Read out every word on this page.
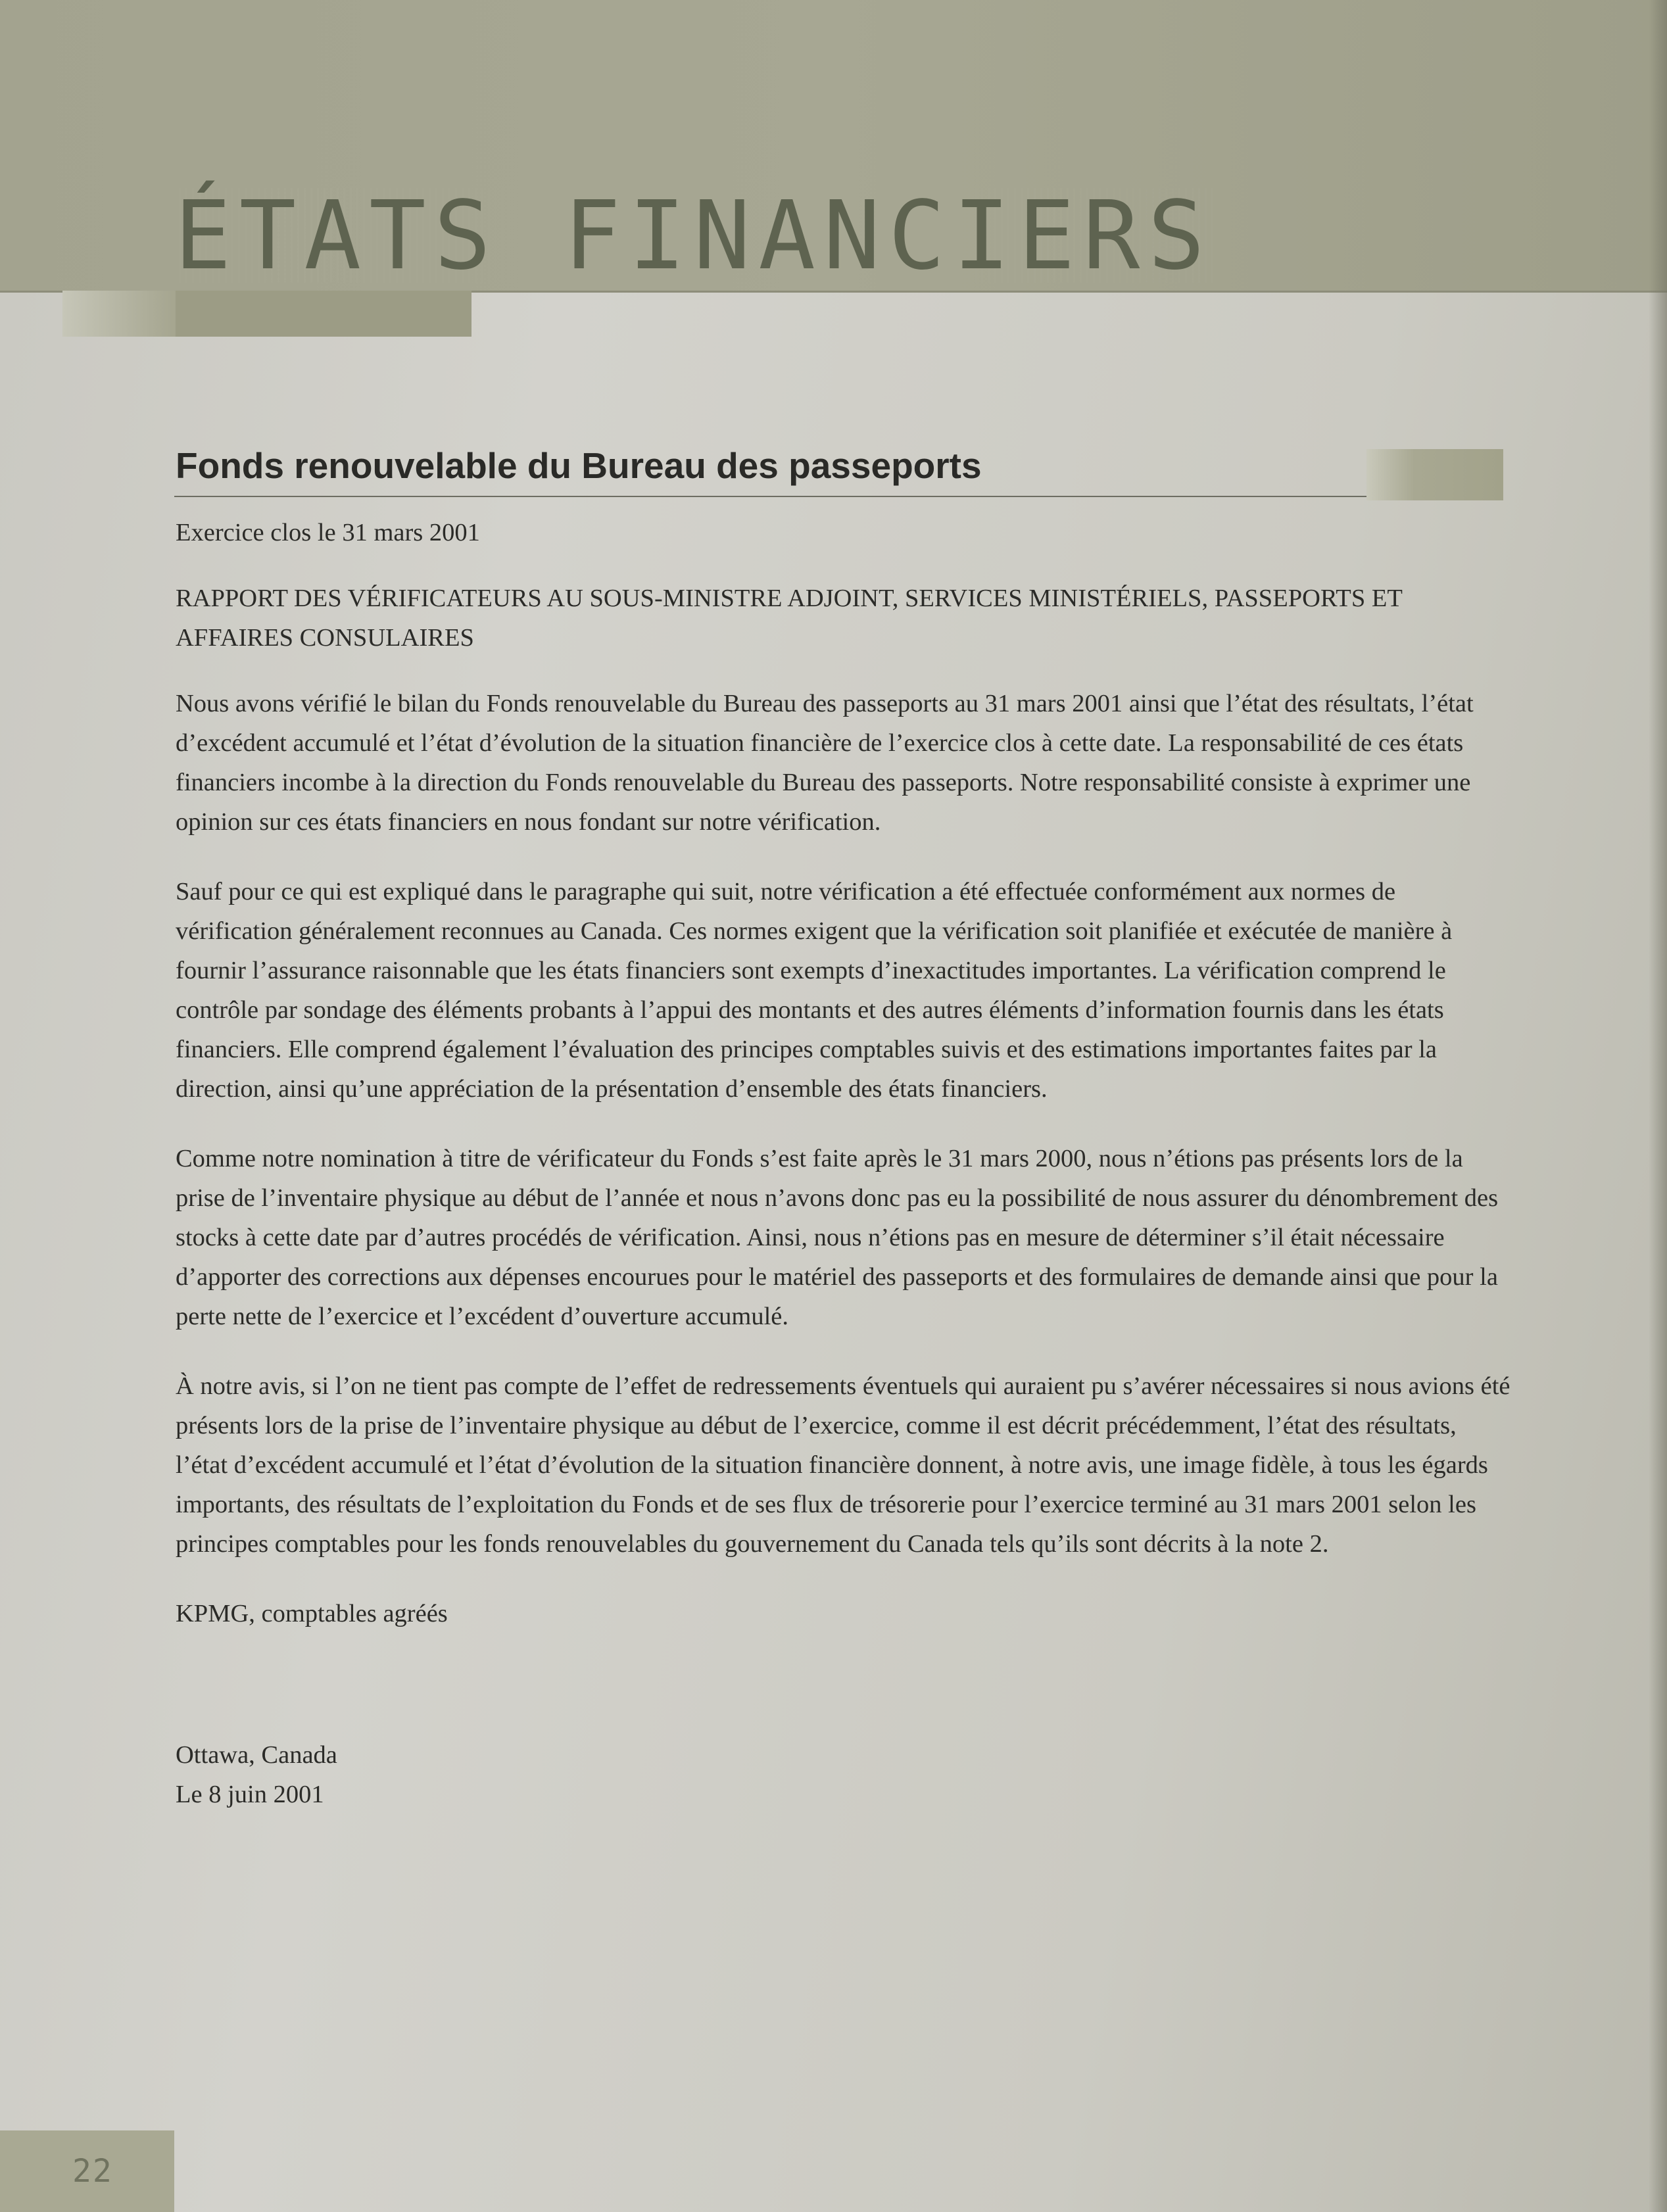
ÉTATS FINANCIERS
Fonds renouvelable du Bureau des passeports

Exercice clos le 31 mars 2001

RAPPORT DES VÉRIFICATEURS AU SOUS-MINISTRE ADJOINT, SERVICES MINISTÉRIELS, PASSEPORTS ET AFFAIRES CONSULAIRES

Nous avons vérifié le bilan du Fonds renouvelable du Bureau des passeports au 31 mars 2001 ainsi que l’état des résultats, l’état d’excédent accumulé et l’état d’évolution de la situation financière de l’exercice clos à cette date. La responsabilité de ces états financiers incombe à la direction du Fonds renouvelable du Bureau des passeports. Notre responsabilité consiste à exprimer une opinion sur ces états financiers en nous fondant sur notre vérification.

Sauf pour ce qui est expliqué dans le paragraphe qui suit, notre vérification a été effectuée conformément aux normes de vérification généralement reconnues au Canada. Ces normes exigent que la vérification soit planifiée et exécutée de manière à fournir l’assurance raisonnable que les états financiers sont exempts d’inexactitudes importantes. La vérification comprend le contrôle par sondage des éléments probants à l’appui des montants et des autres éléments d’information fournis dans les états financiers. Elle comprend également l’évaluation des principes comptables suivis et des estimations importantes faites par la direction, ainsi qu’une appréciation de la présentation d’ensemble des états financiers.

Comme notre nomination à titre de vérificateur du Fonds s’est faite après le 31 mars 2000, nous n’étions pas présents lors de la prise de l’inventaire physique au début de l’année et nous n’avons donc pas eu la possibilité de nous assurer du dénombrement des stocks à cette date par d’autres procédés de vérification. Ainsi, nous n’étions pas en mesure de déterminer s’il était nécessaire d’apporter des corrections aux dépenses encourues pour le matériel des passeports et des formulaires de demande ainsi que pour la perte nette de l’exercice et l’excédent d’ouverture accumulé.

À notre avis, si l’on ne tient pas compte de l’effet de redressements éventuels qui auraient pu s’avérer nécessaires si nous avions été présents lors de la prise de l’inventaire physique au début de l’exercice, comme il est décrit précédemment, l’état des résultats, l’état d’excédent accumulé et l’état d’évolution de la situation financière donnent, à notre avis, une image fidèle, à tous les égards importants, des résultats de l’exploitation du Fonds et de ses flux de trésorerie pour l’exercice terminé au 31 mars 2001 selon les principes comptables pour les fonds renouvelables du gouvernement du Canada tels qu’ils sont décrits à la note 2.

KPMG, comptables agréés

Ottawa, Canada

Le 8 juin 2001

22
